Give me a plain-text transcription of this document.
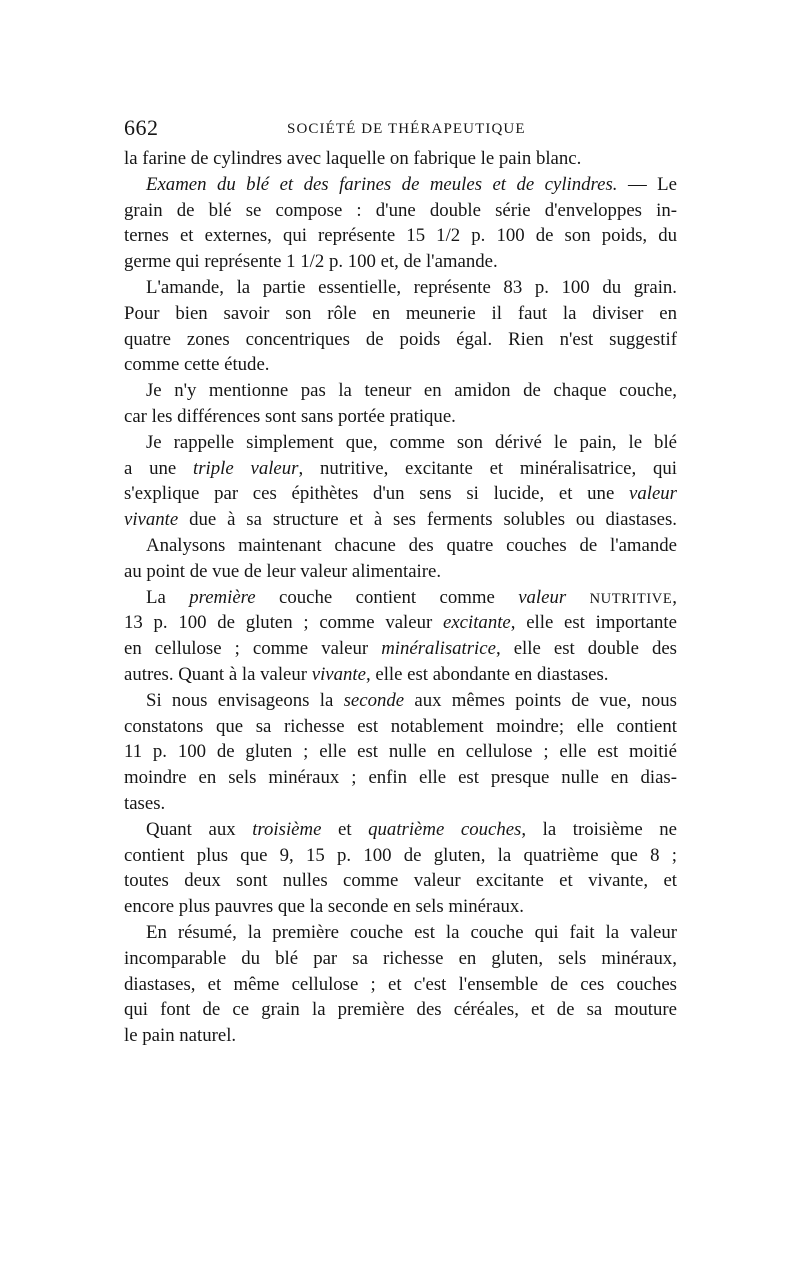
662	SOCIÉTÉ DE THÉRAPEUTIQUE
la farine de cylindres avec laquelle on fabrique le pain blanc.
Examen du blé et des farines de meules et de cylindres. — Le
grain de blé se compose : d'une double série d'enveloppes in-
ternes et externes, qui représente 15 1/2 p. 100 de son poids, du
germe qui représente 1 1/2 p. 100 et, de l'amande.
L'amande, la partie essentielle, représente 83 p. 100 du grain.
Pour bien savoir son rôle en meunerie il faut la diviser en
quatre zones concentriques de poids égal. Rien n'est suggestif
comme cette étude.
Je n'y mentionne pas la teneur en amidon de chaque couche,
car les différences sont sans portée pratique.
Je rappelle simplement que, comme son dérivé le pain, le blé
a une triple valeur, nutritive, excitante et minéralisatrice, qui
s'explique par ces épithètes d'un sens si lucide, et une valeur
vivante due à sa structure et à ses ferments solubles ou diastases.
Analysons maintenant chacune des quatre couches de l'amande
au point de vue de leur valeur alimentaire.
La première couche contient comme valeur NUTRITIVE,
13 p. 100 de gluten ; comme valeur excitante, elle est importante
en cellulose ; comme valeur minéralisatrice, elle est double des
autres. Quant à la valeur vivante, elle est abondante en diastases.
Si nous envisageons la seconde aux mêmes points de vue, nous
constatons que sa richesse est notablement moindre; elle contient
11 p. 100 de gluten ; elle est nulle en cellulose ; elle est moitié
moindre en sels minéraux ; enfin elle est presque nulle en dias-
tases.
Quant aux troisième et quatrième couches, la troisième ne
contient plus que 9, 15 p. 100 de gluten, la quatrième que 8 ;
toutes deux sont nulles comme valeur excitante et vivante, et
encore plus pauvres que la seconde en sels minéraux.
En résumé, la première couche est la couche qui fait la valeur
incomparable du blé par sa richesse en gluten, sels minéraux,
diastases, et même cellulose ; et c'est l'ensemble de ces couches
qui font de ce grain la première des céréales, et de sa mouture
le pain naturel.
